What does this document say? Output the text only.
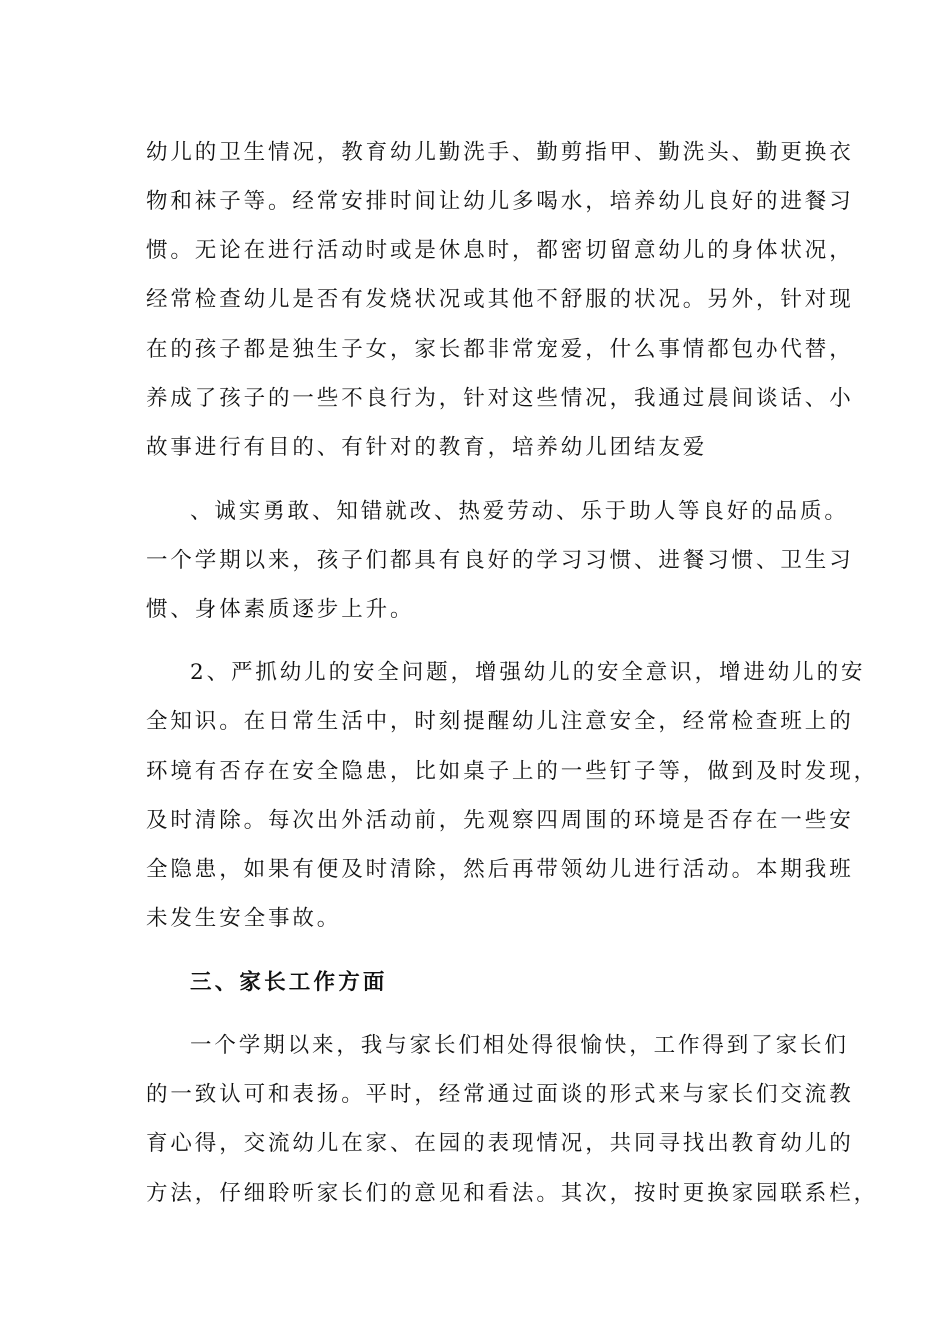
幼儿的卫生情况，教育幼儿勤洗手、勤剪指甲、勤洗头、勤更换衣
物和袜子等。经常安排时间让幼儿多喝水，培养幼儿良好的进餐习
惯。无论在进行活动时或是休息时，都密切留意幼儿的身体状况，
经常检查幼儿是否有发烧状况或其他不舒服的状况。另外，针对现
在的孩子都是独生子女，家长都非常宠爱，什么事情都包办代替，
养成了孩子的一些不良行为，针对这些情况，我通过晨间谈话、小
故事进行有目的、有针对的教育，培养幼儿团结友爱
、诚实勇敢、知错就改、热爱劳动、乐于助人等良好的品质。
一个学期以来，孩子们都具有良好的学习习惯、进餐习惯、卫生习
惯、身体素质逐步上升。
2、严抓幼儿的安全问题，增强幼儿的安全意识，增进幼儿的安
全知识。在日常生活中，时刻提醒幼儿注意安全，经常检查班上的
环境有否存在安全隐患，比如桌子上的一些钉子等，做到及时发现，
及时清除。每次出外活动前，先观察四周围的环境是否存在一些安
全隐患，如果有便及时清除，然后再带领幼儿进行活动。本期我班
未发生安全事故。
三、家长工作方面
一个学期以来，我与家长们相处得很愉快，工作得到了家长们
的一致认可和表扬。平时，经常通过面谈的形式来与家长们交流教
育心得，交流幼儿在家、在园的表现情况，共同寻找出教育幼儿的
方法，仔细聆听家长们的意见和看法。其次，按时更换家园联系栏，
